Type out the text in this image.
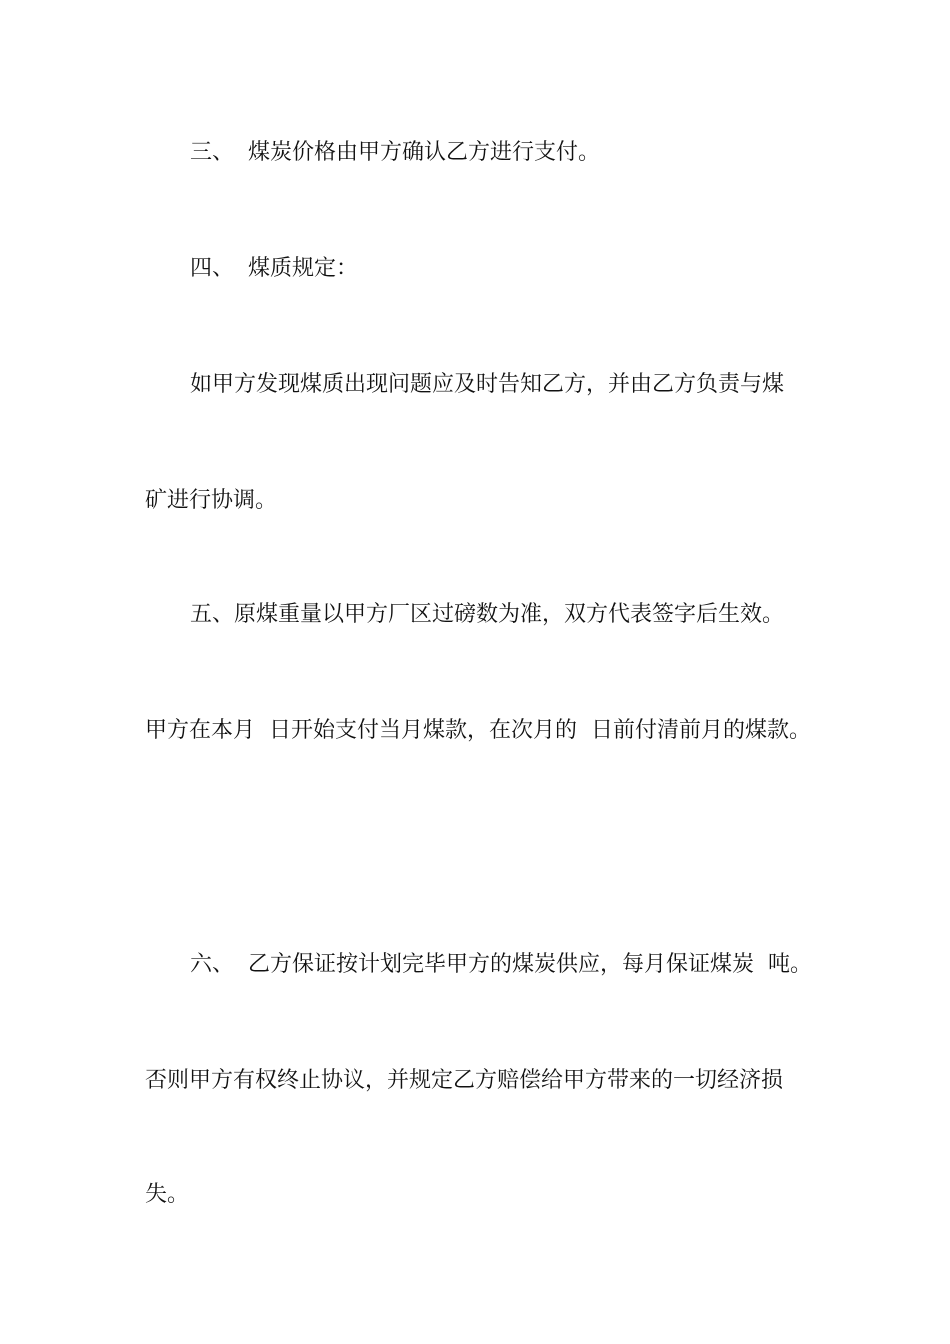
三、  煤炭价格由甲方确认乙方进行支付。
四、  煤质规定：
如甲方发现煤质出现问题应及时告知乙方，并由乙方负责与煤
矿进行协调。
五、原煤重量以甲方厂区过磅数为准，双方代表签字后生效。
甲方在本月  日开始支付当月煤款，在次月的  日前付清前月的煤款。
六、  乙方保证按计划完毕甲方的煤炭供应，每月保证煤炭  吨。
否则甲方有权终止协议，并规定乙方赔偿给甲方带来的一切经济损
失。
